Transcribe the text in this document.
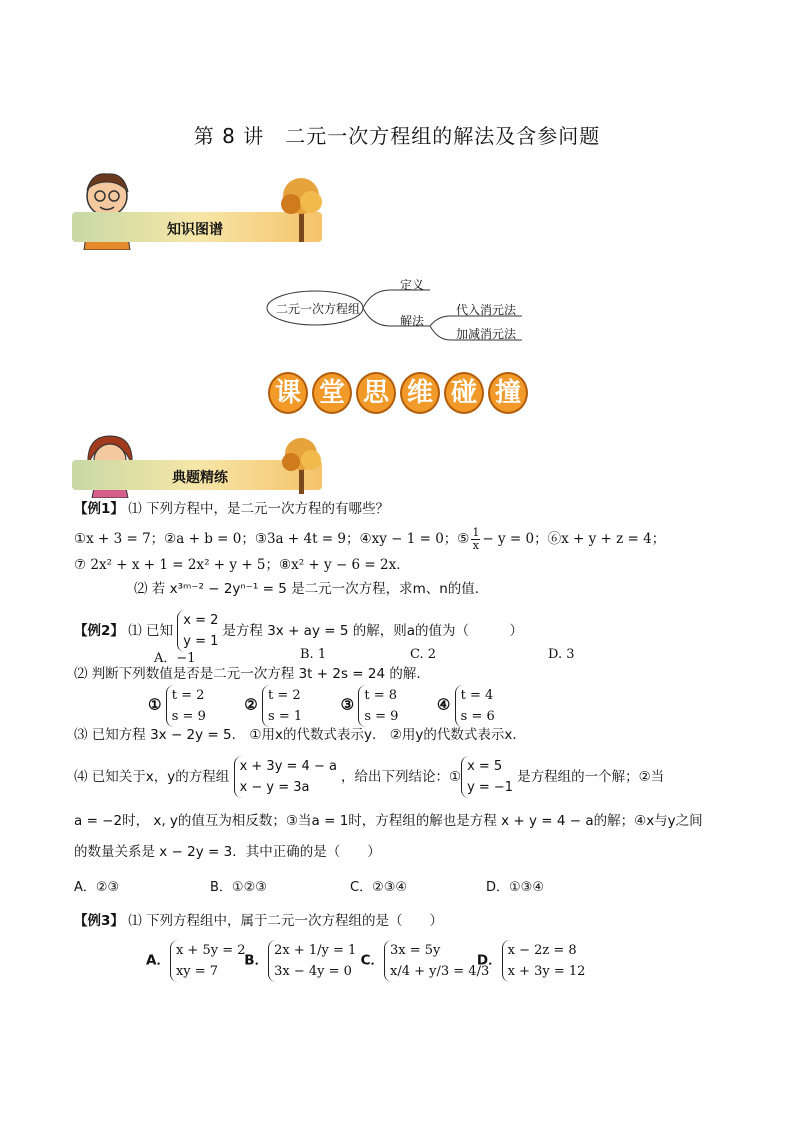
第 8 讲　二元一次方程组的解法及含参问题
知识图谱
二元一次方程组
定义
解法
代入消元法
加减消元法
课 堂 思 维 碰 撞
典题精练
【例1】 ⑴ 下列方程中，是二元一次方程的有哪些？
①x + 3 = 7；②a + b = 0；③3a + 4t = 9；④xy − 1 = 0；⑤ $\frac{1}{x} - y = 0$；⑥x + y + z = 4；
⑦ 2x² + x + 1 = 2x² + y + 5；⑧x² + y − 6 = 2x．
⑵ 若 x³ᵐ⁻² − 2yⁿ⁻¹ = 5 是二元一次方程，求m、n的值．
【例2】 ⑴ 已知 x = 2
y = 1是方程 3x + ay = 5 的解，则a的值为（　　　）
A．−1	B. 1	C. 2	D. 3
⑵ 判断下列数值是否是二元一次方程 3t + 2s = 24 的解．
① t = 2
s = 9 ② t = 2
s = 1 ③ t = 8
s = 9 ④ t = 4
s = 6
⑶ 已知方程 3x − 2y = 5． ①用x的代数式表示y． ②用y的代数式表示x．
⑷ 已知关于x，y的方程组 x + 3y = 4 − a
x − y = 3a，给出下列结论：①x = 5
y = −1是方程组的一个解；②当
a = −2时， x, y的值互为相反数；③当a = 1时，方程组的解也是方程 x + y = 4 − a的解；④x与y之间
的数量关系是 x − 2y = 3．其中正确的是（　　）
A．②③	B．①②③	C．②③④	D．①③④
【例3】 ⑴ 下列方程组中，属于二元一次方程组的是（　　）
A．x + 5y = 2
xy = 7 B．2x + 1/y = 1
3x − 4y = 0 C．3x = 5y
x/4 + y/3 = 4/3 D．x − 2z = 8
x + 3y = 12
